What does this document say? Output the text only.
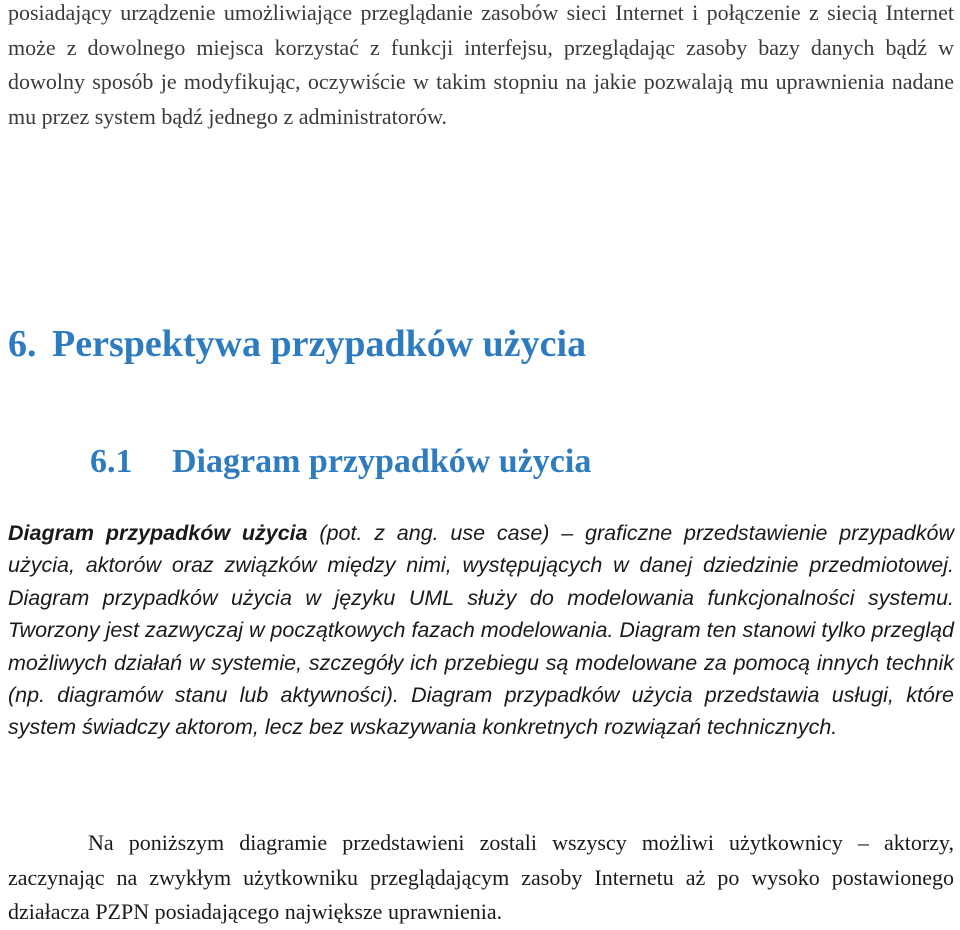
posiadający urządzenie umożliwiające przeglądanie zasobów sieci Internet i połączenie z siecią Internet może z dowolnego miejsca korzystać z funkcji interfejsu, przeglądając zasoby bazy danych bądź w dowolny sposób je modyfikując, oczywiście w takim stopniu na jakie pozwalają mu uprawnienia nadane mu przez system bądź jednego z administratorów.

6. Perspektywa przypadków użycia
6.1 Diagram przypadków użycia

Diagram przypadków użycia (pot. z ang. use case) – graficzne przedstawienie przypadków użycia, aktorów oraz związków między nimi, występujących w danej dziedzinie przedmiotowej. Diagram przypadków użycia w języku UML służy do modelowania funkcjonalności systemu. Tworzony jest zazwyczaj w początkowych fazach modelowania. Diagram ten stanowi tylko przegląd możliwych działań w systemie, szczegóły ich przebiegu są modelowane za pomocą innych technik (np. diagramów stanu lub aktywności). Diagram przypadków użycia przedstawia usługi, które system świadczy aktorom, lecz bez wskazywania konkretnych rozwiązań technicznych.

Na poniższym diagramie przedstawieni zostali wszyscy możliwi użytkownicy – aktorzy, zaczynając na zwykłym użytkowniku przeglądającym zasoby Internetu aż po wysoko postawionego działacza PZPN posiadającego największe uprawnienia.
